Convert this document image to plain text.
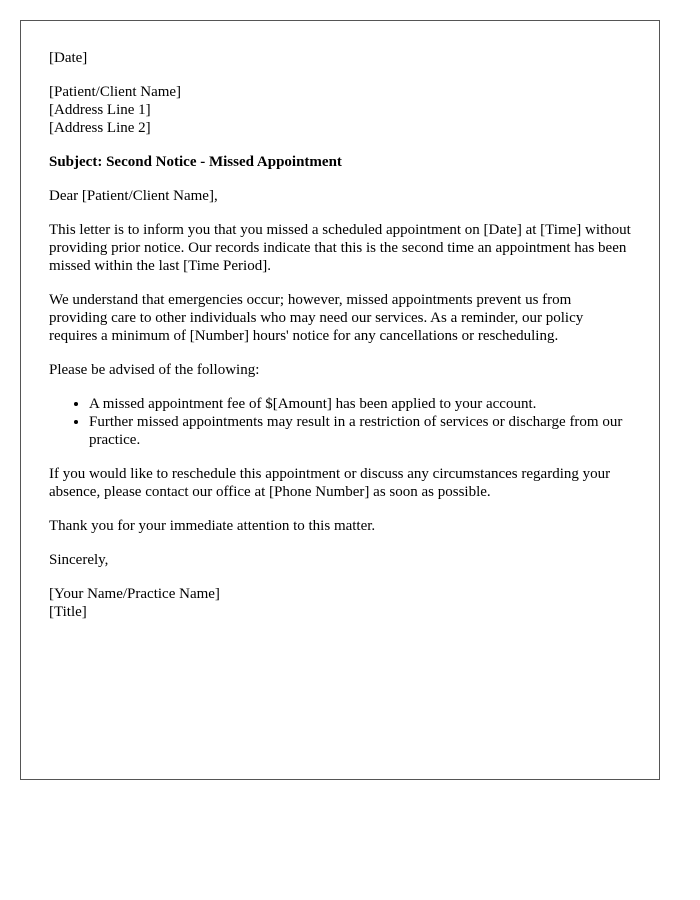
[Date]

[Patient/Client Name]
[Address Line 1]
[Address Line 2]

Subject: Second Notice - Missed Appointment

Dear [Patient/Client Name],

This letter is to inform you that you missed a scheduled appointment on [Date] at [Time] without providing prior notice. Our records indicate that this is the second time an appointment has been missed within the last [Time Period].

We understand that emergencies occur; however, missed appointments prevent us from providing care to other individuals who may need our services. As a reminder, our policy requires a minimum of [Number] hours' notice for any cancellations or rescheduling.

Please be advised of the following:

• A missed appointment fee of $[Amount] has been applied to your account.
• Further missed appointments may result in a restriction of services or discharge from our practice.

If you would like to reschedule this appointment or discuss any circumstances regarding your absence, please contact our office at [Phone Number] as soon as possible.

Thank you for your immediate attention to this matter.

Sincerely,

[Your Name/Practice Name]
[Title]
